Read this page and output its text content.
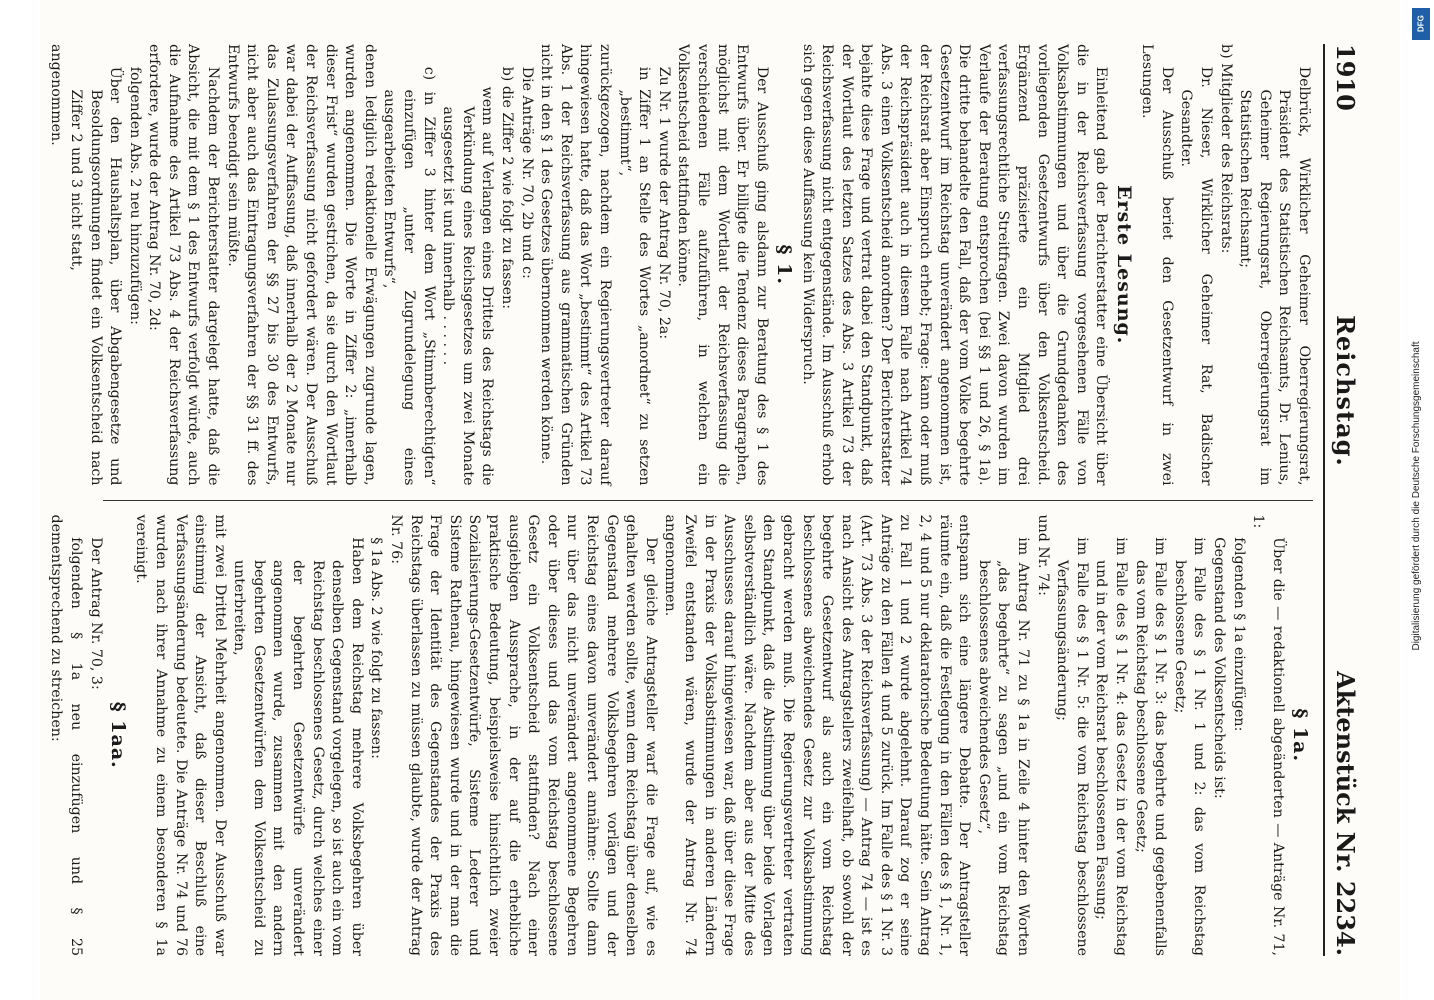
1910
Reichstag.
Aktenstück Nr. 2234.

Delbrück, Wirklicher Geheimer Oberregierungsrat, Präsident des Statistischen Reichsamts, Dr. Lenius, Geheimer Regierungsrat, Oberregierungsrat im Statistischen Reichsamt;

b) Mitglieder des Reichsrats:

Dr. Nieser, Wirklicher Geheimer Rat, Badischer Gesandter.

Der Ausschuß beriet den Gesetzentwurf in zwei Lesungen.

Erste Lesung.

Einleitend gab der Berichterstatter eine Übersicht über die in der Reichsverfassung vorgesehenen Fälle von Volksabstimmungen und über die Grundgedanken des vorliegenden Gesetzentwurfs über den Volksentscheid. Ergänzend präzisierte ein Mitglied drei verfassungsrechtliche Streitfragen. Zwei davon wurden im Verlaufe der Beratung entsprochen (bei §§ 1 und 26, § 1a). Die dritte behandelte den Fall, daß der vom Volke begehrte Gesetzentwurf im Reichstag unverändert angenommen ist, der Reichsrat aber Einspruch erhebt; Frage: kann oder muß der Reichspräsident auch in diesem Falle nach Artikel 74 Abs. 3 einen Volksentscheid anordnen? Der Berichterstatter bejahte diese Frage und vertrat dabei den Standpunkt, daß der Wortlaut des letzten Satzes des Abs. 3 Artikel 73 der Reichsverfassung nicht entgegenstände. Im Ausschuß erhob sich gegen diese Auffassung kein Widerspruch.

§ 1.

Der Ausschuß ging alsdann zur Beratung des § 1 des Entwurfs über. Er billigte die Tendenz dieses Paragraphen, möglichst mit dem Wortlaut der Reichsverfassung die verschiedenen Fälle aufzuführen, in welchen ein Volksentscheid stattfinden könne.

Zu Nr. 1 wurde der Antrag Nr. 70, 2a:

in Ziffer 1 an Stelle des Wortes „anordnet“ zu setzen „bestimmt“,

zurückgezogen, nachdem ein Regierungsvertreter darauf hingewiesen hatte, daß das Wort „bestimmt“ des Artikel 73 Abs. 1 der Reichsverfassung aus grammatischen Gründen nicht in den § 1 des Gesetzes übernommen werden könne.

Die Anträge Nr. 70, 2b und c:

b) die Ziffer 2 wie folgt zu fassen:

wenn auf Verlangen eines Drittels des Reichstags die Verkündung eines Reichsgesetzes um zwei Monate ausgesetzt ist und innerhalb . . . . . .

c) in Ziffer 3 hinter dem Wort „Stimmberechtigten“ einzufügen „unter Zugrundelegung eines ausgearbeiteten Entwurfs“,

denen lediglich redaktionelle Erwägungen zugrunde lagen, wurden angenommen. Die Worte in Ziffer 2: „innerhalb dieser Frist“ wurden gestrichen, da sie durch den Wortlaut der Reichsverfassung nicht gefordert wären. Der Ausschuß war dabei der Auffassung, daß innerhalb der 2 Monate nur das Zulassungsverfahren der §§ 27 bis 30 des Entwurfs, nicht aber auch das Eintragungsverfahren der §§ 31 ff. des Entwurfs beendigt sein müßte.

Nachdem der Berichterstatter dargelegt hatte, daß die Absicht, die mit dem § 1 des Entwurfs verfolgt würde, auch die Aufnahme des Artikel 73 Abs. 4 der Reichsverfassung erfordere, wurde der Antrag Nr. 70, 2d:

folgenden Abs. 2 neu hinzuzufügen:

Über den Haushaltsplan, über Abgabengesetze und Besoldungsordnungen findet ein Volksentscheid nach Ziffer 2 und 3 nicht statt,

angenommen.

§ 1a.

Über die — redaktionell abgeänderten — Anträge Nr. 71, 1:

folgenden § 1a einzufügen:

Gegenstand des Volksentscheids ist:

im Falle des § 1 Nr. 1 und 2: das vom Reichstag beschlossene Gesetz;

im Falle des § 1 Nr. 3: das begehrte und gegebenenfalls das vom Reichstag beschlossene Gesetz;

im Falle des § 1 Nr. 4: das Gesetz in der vom Reichstag und in der vom Reichsrat beschlossenen Fassung;

im Falle des § 1 Nr. 5: die vom Reichstag beschlossene Verfassungsänderung;

und Nr. 74:

im Antrag Nr. 71 zu § 1a in Zeile 4 hinter den Worten „das begehrte“ zu sagen „und ein vom Reichstag beschlossenes abweichendes Gesetz“,

entspann sich eine längere Debatte. Der Antragsteller räumte ein, daß die Festlegung in den Fällen des § 1, Nr. 1, 2, 4 und 5 nur deklaratorische Bedeutung hätte. Sein Antrag zu Fall 1 und 2 wurde abgelehnt. Darauf zog er seine Anträge zu den Fällen 4 und 5 zurück. Im Falle des § 1 Nr. 3 (Art. 73 Abs. 3 der Reichsverfassung) — Antrag 74 — ist es nach Ansicht des Antragstellers zweifelhaft, ob sowohl der begehrte Gesetzentwurf als auch ein vom Reichstag beschlossenes abweichendes Gesetz zur Volksabstimmung gebracht werden muß. Die Regierungsvertreter vertraten den Standpunkt, daß die Abstimmung über beide Vorlagen selbstverständlich wäre. Nachdem aber aus der Mitte des Ausschusses darauf hingewiesen war, daß über diese Frage in der Praxis der Volksabstimmungen in anderen Ländern Zweifel entstanden wären, wurde der Antrag Nr. 74 angenommen.

Der gleiche Antragsteller warf die Frage auf, wie es gehalten werden sollte, wenn dem Reichstag über denselben Gegenstand mehrere Volksbegehren vorlägen und der Reichstag eines davon unverändert annähme: Sollte dann nur über das nicht unverändert angenommene Begehren oder über dieses und das vom Reichstag beschlossene Gesetz ein Volksentscheid stattfinden? Nach einer ausgiebigen Aussprache, in der auf die erhebliche praktische Bedeutung, beispielsweise hinsichtlich zweier Sozialisierungs-Gesetzentwürfe, Sisteme Lederer und Sisteme Rathenau, hingewiesen wurde und in der man die Frage der Identität des Gegenstandes der Praxis des Reichstags überlassen zu müssen glaubte, wurde der Antrag Nr. 76:

§ 1a Abs. 2 wie folgt zu fassen:

Haben dem Reichstag mehrere Volksbegehren über denselben Gegenstand vorgelegen, so ist auch ein vom Reichstag beschlossenes Gesetz, durch welches einer der begehrten Gesetzentwürfe unverändert angenommen wurde, zusammen mit den andern begehrten Gesetzentwürfen dem Volksentscheid zu unterbreiten,

mit zwei Drittel Mehrheit angenommen. Der Ausschuß war einstimmig der Ansicht, daß dieser Beschluß eine Verfassungsänderung bedeutete. Die Anträge Nr. 74 und 76 wurden nach ihrer Annahme zu einem besonderen § 1a vereinigt.

§ 1aa.

Der Antrag Nr. 70, 3:

folgenden § 1a neu einzufügen und § 25 dementsprechend zu streichen:	Digitalisierung gefördert durch die Deutsche Forschungsgemeinschaft
DFG
